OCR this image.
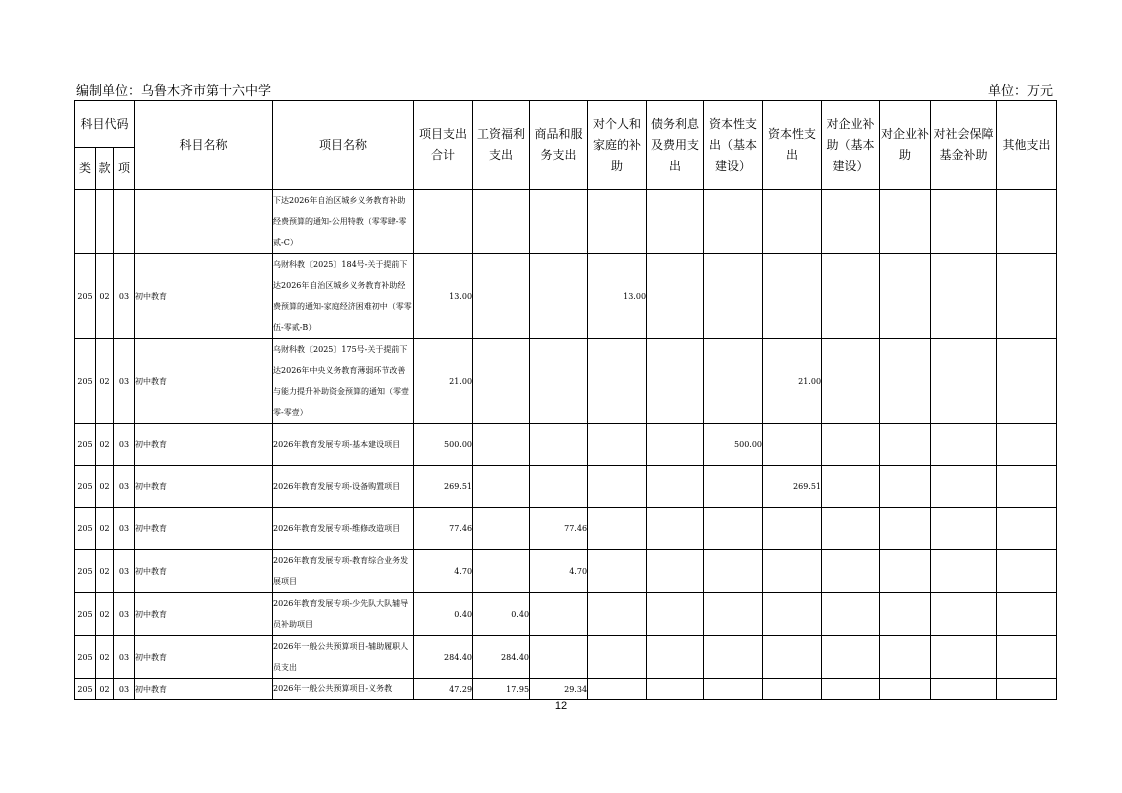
编制单位：乌鲁木齐市第十六中学	单位：万元
科目代码			科目名称	项目名称	项目支出合计	工资福利支出	商品和服务支出	对个人和家庭的补助	债务利息及费用支出	资本性支出（基本建设）	资本性支出	对企业补助（基本建设）	对企业补助	对社会保障基金补助	其他支出
类	款	项													
				下达2026年自治区城乡义务教育补助经费预算的通知-公用特教（零零肆-零贰-C）											
205	02	03	初中教育	乌财科教〔2025〕184号-关于提前下达2026年自治区城乡义务教育补助经费预算的通知-家庭经济困难初中（零零伍-零贰-B）	13.00			13.00							
205	02	03	初中教育	乌财科教〔2025〕175号-关于提前下达2026年中央义务教育薄弱环节改善与能力提升补助资金预算的通知（零壹零-零壹）	21.00						21.00				
205	02	03	初中教育	2026年教育发展专项-基本建设项目	500.00					500.00					
205	02	03	初中教育	2026年教育发展专项-设备购置项目	269.51						269.51				
205	02	03	初中教育	2026年教育发展专项-维修改造项目	77.46		77.46								
205	02	03	初中教育	2026年教育发展专项-教育综合业务发展项目	4.70		4.70								
205	02	03	初中教育	2026年教育发展专项-少先队大队辅导员补助项目	0.40	0.40									
205	02	03	初中教育	2026年一般公共预算项目-辅助履职人员支出	284.40	284.40									
205	02	03	初中教育	2026年一般公共预算项目-义务教	47.29	17.95	29.34								
12
